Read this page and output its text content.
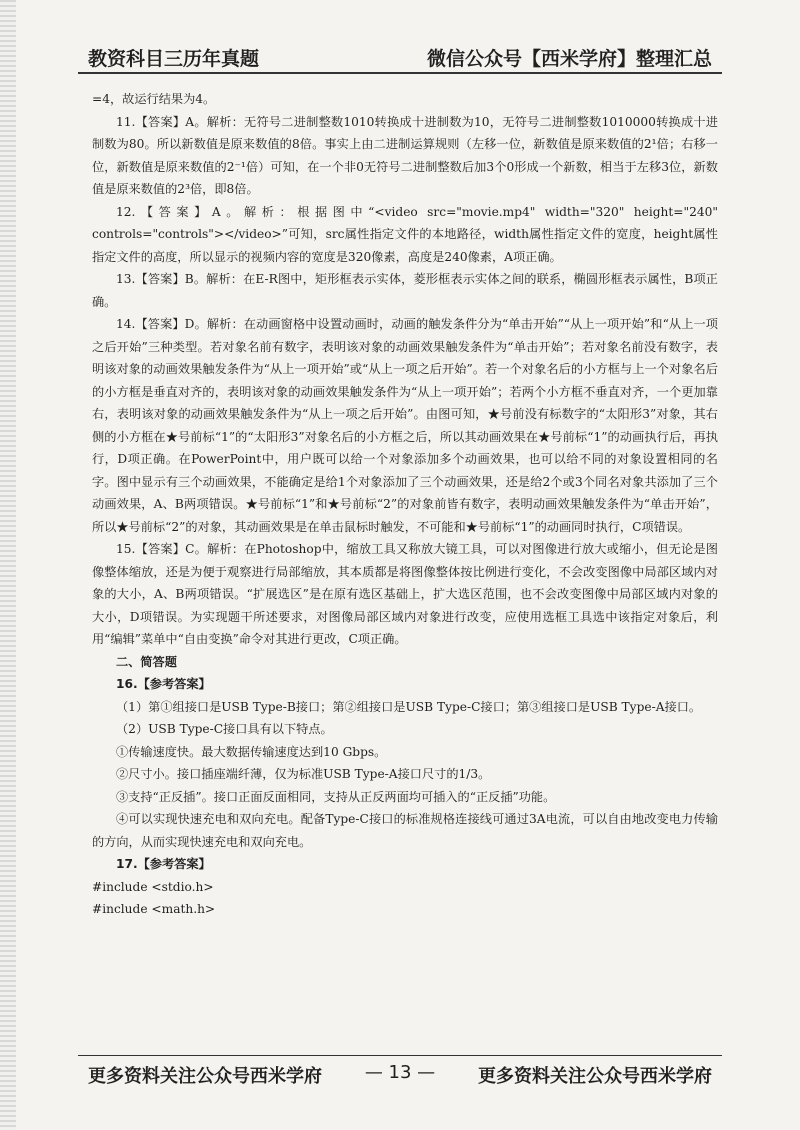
教资科目三历年真题	微信公众号【西米学府】整理汇总

=4，故运行结果为4。

11.【答案】A。解析：无符号二进制整数1010转换成十进制数为10，无符号二进制整数1010000转换成十进制数为80。所以新数值是原来数值的8倍。事实上由二进制运算规则（左移一位，新数值是原来数值的2¹倍；右移一位，新数值是原来数值的2⁻¹倍）可知，在一个非0无符号二进制整数后加3个0形成一个新数，相当于左移3位，新数值是原来数值的2³倍，即8倍。

12.【答案】A。解析：根据图中“<video src="movie.mp4" width="320" height="240" controls="controls"></video>”可知，src属性指定文件的本地路径，width属性指定文件的宽度，height属性指定文件的高度，所以显示的视频内容的宽度是320像素，高度是240像素，A项正确。

13.【答案】B。解析：在E-R图中，矩形框表示实体，菱形框表示实体之间的联系，椭圆形框表示属性，B项正确。

14.【答案】D。解析：在动画窗格中设置动画时，动画的触发条件分为“单击开始”“从上一项开始”和“从上一项之后开始”三种类型。若对象名前有数字，表明该对象的动画效果触发条件为“单击开始”；若对象名前没有数字，表明该对象的动画效果触发条件为“从上一项开始”或“从上一项之后开始”。若一个对象名后的小方框与上一个对象名后的小方框是垂直对齐的，表明该对象的动画效果触发条件为“从上一项开始”；若两个小方框不垂直对齐，一个更加靠右，表明该对象的动画效果触发条件为“从上一项之后开始”。由图可知，★号前没有标数字的“太阳形3”对象，其右侧的小方框在★号前标“1”的“太阳形3”对象名后的小方框之后，所以其动画效果在★号前标“1”的动画执行后，再执行，D项正确。在PowerPoint中，用户既可以给一个对象添加多个动画效果，也可以给不同的对象设置相同的名字。图中显示有三个动画效果，不能确定是给1个对象添加了三个动画效果，还是给2个或3个同名对象共添加了三个动画效果，A、B两项错误。★号前标“1”和★号前标“2”的对象前皆有数字，表明动画效果触发条件为“单击开始”，所以★号前标“2”的对象，其动画效果是在单击鼠标时触发，不可能和★号前标“1”的动画同时执行，C项错误。

15.【答案】C。解析：在Photoshop中，缩放工具又称放大镜工具，可以对图像进行放大或缩小，但无论是图像整体缩放，还是为便于观察进行局部缩放，其本质都是将图像整体按比例进行变化，不会改变图像中局部区域内对象的大小，A、B两项错误。“扩展选区”是在原有选区基础上，扩大选区范围，也不会改变图像中局部区域内对象的大小，D项错误。为实现题干所述要求，对图像局部区域内对象进行改变，应使用选框工具选中该指定对象后，利用“编辑”菜单中“自由变换”命令对其进行更改，C项正确。

二、简答题

16.【参考答案】

（1）第①组接口是USB Type-B接口；第②组接口是USB Type-C接口；第③组接口是USB Type-A接口。

（2）USB Type-C接口具有以下特点。

①传输速度快。最大数据传输速度达到10 Gbps。

②尺寸小。接口插座端纤薄，仅为标准USB Type-A接口尺寸的1/3。

③支持“正反插”。接口正面反面相同，支持从正反两面均可插入的“正反插”功能。

④可以实现快速充电和双向充电。配备Type-C接口的标准规格连接线可通过3A电流，可以自由地改变电力传输的方向，从而实现快速充电和双向充电。

17.【参考答案】

#include <stdio.h>

#include <math.h>

更多资料关注公众号西米学府	— 13 —	更多资料关注公众号西米学府
